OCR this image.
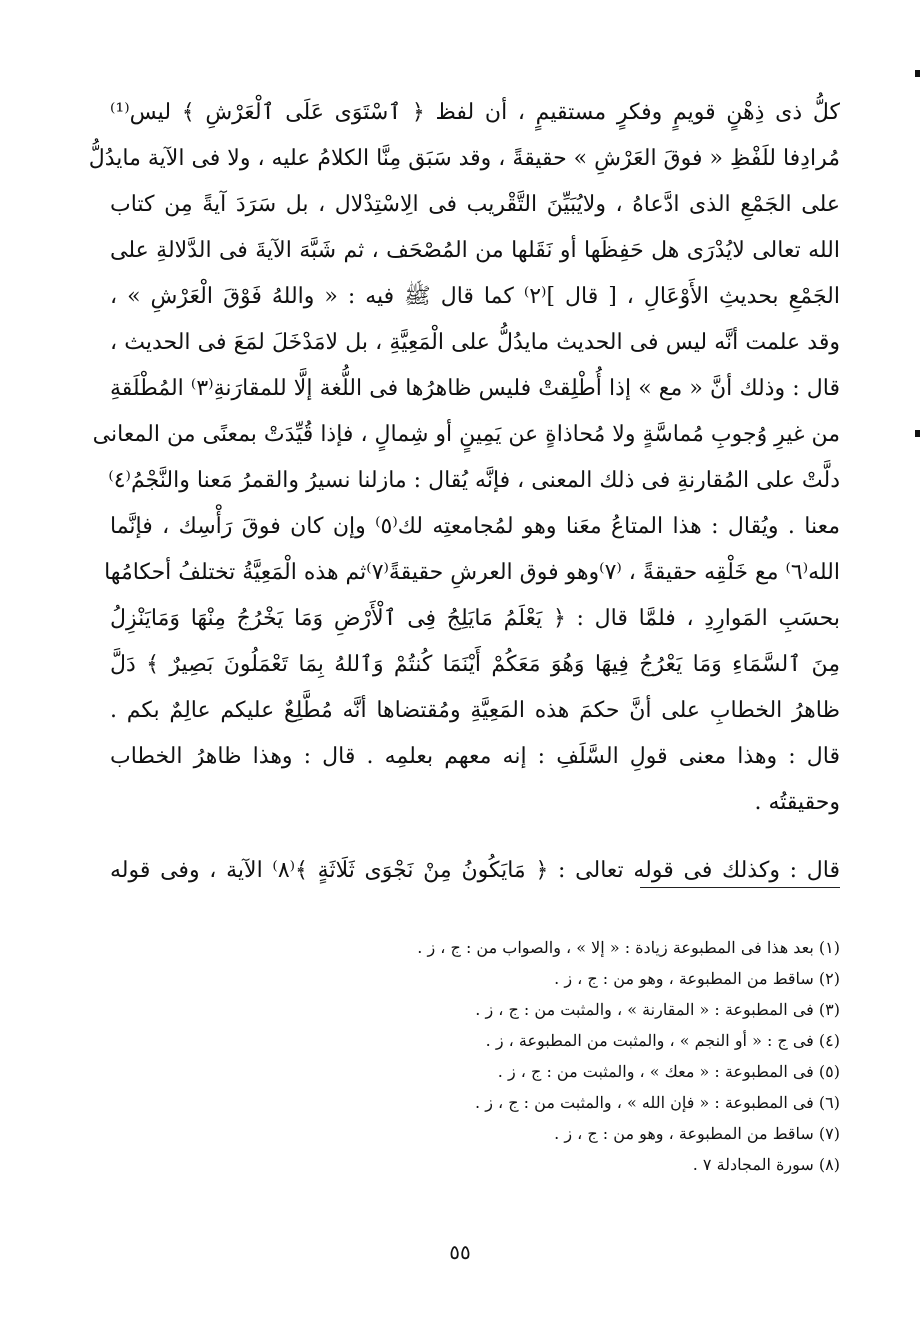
كلُّ ذى ذِهْنٍ قويمٍ وفكرٍ مستقيمٍ ، أن لفظ ﴿ ٱسْتَوَى عَلَى ٱلْعَرْشِ ﴾ ليس⁽¹⁾
مُرادِفا للَفْظِ « فوقَ العَرْشِ » حقيقةً ، وقد سَبَق مِنَّا الكلامُ عليه ، ولا فى الآية مايدُلُّ
على الجَمْعِ الذى ادَّعاهُ ، ولايُبَيِّنَ التَّقْريب فى الِاسْتِدْلال ، بل سَرَدَ آيةً مِن كتاب
الله تعالى لايُدْرَى هل حَفِظَها أو نَقَلها من المُصْحَف ، ثم شَبَّهَ الآيةَ فى الدَّلالةِ على
الجَمْعِ بحديثِ الأَوْعَالِ ، [ قال ]⁽٢⁾ كما قال ﷺ فيه : « واللهُ فَوْقَ الْعَرْشِ » ،
وقد علمت أنَّه ليس فى الحديث مايدُلُّ على الْمَعِيَّةِ ، بل لامَدْخَلَ لمَعَ فى الحديث ،
قال : وذلك أنَّ « مع » إذا أُطْلِقتْ فليس ظاهرُها فى اللُّغة إلَّا للمقارَنةِ⁽٣⁾ المُطْلَقةِ
من غيرِ وُجوبِ مُماسَّةٍ ولا مُحاذاةٍ عن يَمِينٍ أو شِمالٍ ، فإذا قُيِّدَتْ بمعنًى من المعانى
دلَّتْ على المُقارنةِ فى ذلك المعنى ، فإنَّه يُقال : مازلنا نسيرُ والقمرُ مَعنا والنَّجْمُ⁽٤⁾
معنا . ويُقال : هذا المتاعُ معَنا وهو لمُجامعتِه لك⁽٥⁾ وإن كان فوقَ رَأْسِك ، فإنَّما
الله⁽٦⁾ مع خَلْقِه حقيقةً ، ⁽٧⁾وهو فوق العرشِ حقيقةً⁽٧⁾ثم هذه الْمَعِيَّةُ تختلفُ أحكامُها
بحسَبِ المَوارِدِ ، فلمَّا قال : ﴿ يَعْلَمُ مَايَلِجُ فِى ٱلْأَرْضِ وَمَا يَخْرُجُ مِنْهَا وَمَايَنْزِلُ
مِنَ ٱلسَّمَاءِ وَمَا يَعْرُجُ فِيهَا وَهُوَ مَعَكُمْ أَيْنَمَا كُنتُمْ وَٱللهُ بِمَا تَعْمَلُونَ بَصِيرٌ ﴾ دَلَّ
ظاهرُ الخطابِ على أنَّ حكمَ هذه المَعِيَّةِ ومُقتضاها أنَّه مُطَّلِعٌ عليكم عالِمٌ بكم .
قال : وهذا معنى قولِ السَّلَفِ : إنه معهم بعلمِه . قال : وهذا ظاهرُ الخطاب
وحقيقتُه .
قال : وكذلك فى قوله تعالى : ﴿ مَايَكُونُ مِنْ نَجْوَى ثَلَاثَةٍ ﴾⁽٨⁾ الآية ، وفى قوله
(١) بعد هذا فى المطبوعة زيادة : « إلا » ، والصواب من : ج ، ز .
(٢) ساقط من المطبوعة ، وهو من : ج ، ز .
(٣) فى المطبوعة : « المقارنة » ، والمثبت من : ج ، ز .
(٤) فى ج : « أو النجم » ، والمثبت من المطبوعة ، ز .
(٥) فى المطبوعة : « معك » ، والمثبت من : ج ، ز .
(٦) فى المطبوعة : « فإن الله » ، والمثبت من : ج ، ز .
(٧) ساقط من المطبوعة ، وهو من : ج ، ز .
(٨) سورة المجادلة ٧ .
٥٥
